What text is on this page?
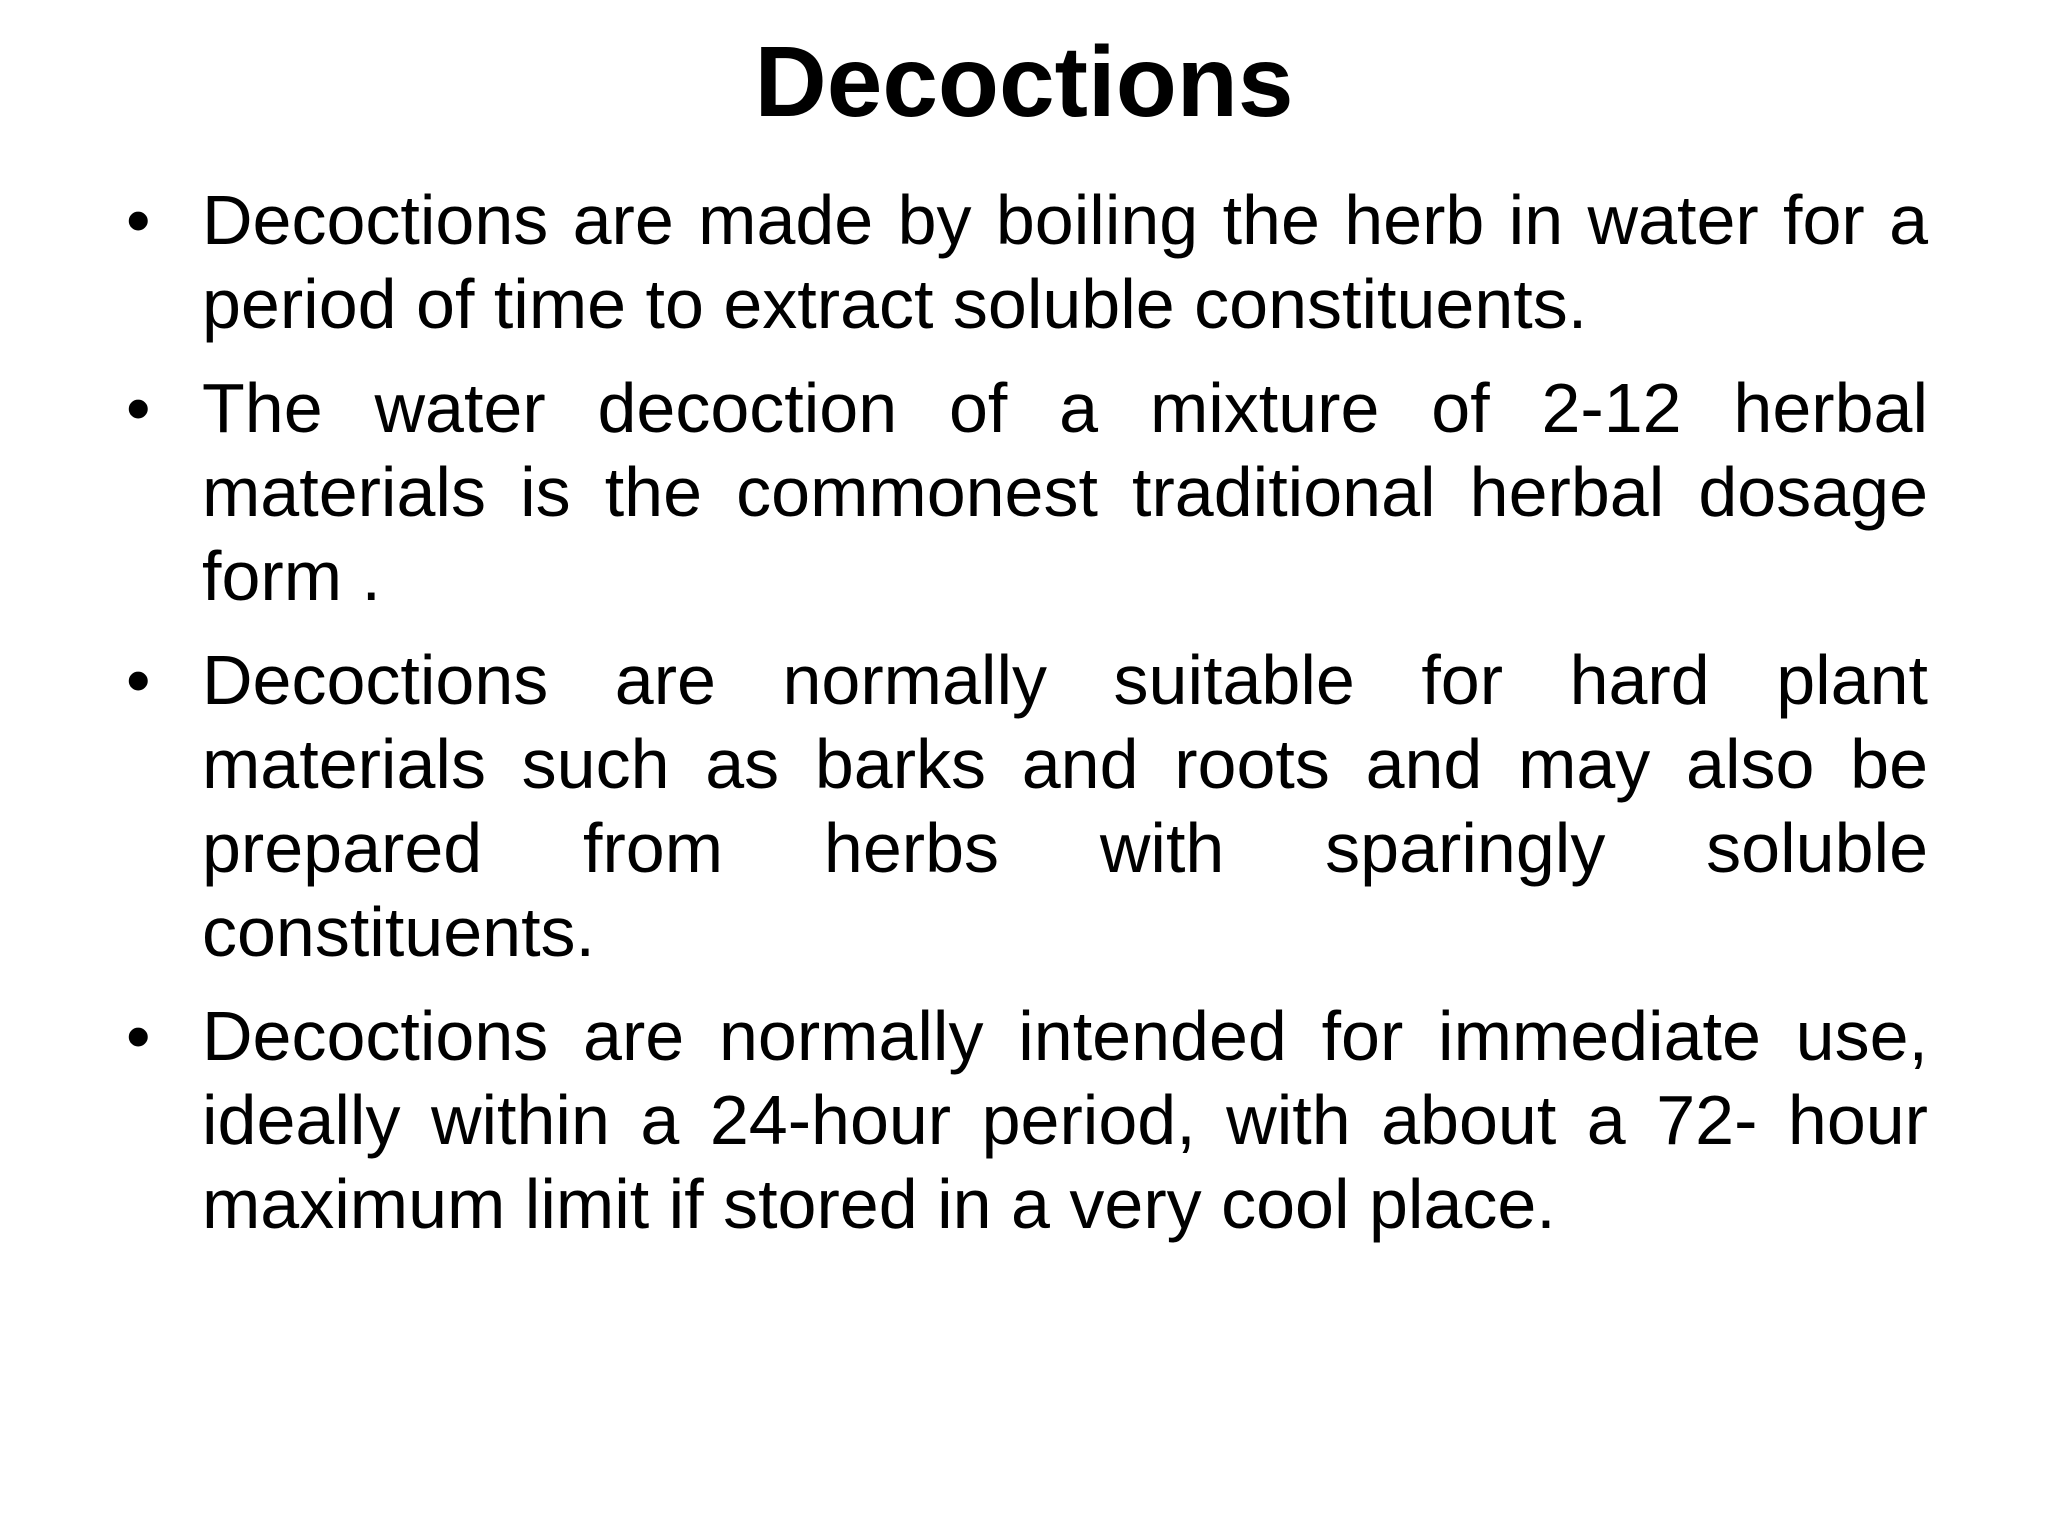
Decoctions
• Decoctions are made by boiling the herb in water for a period of time to extract soluble constituents.
• The water decoction of a mixture of 2-12 herbal materials is the commonest traditional herbal dosage form .
• Decoctions are normally suitable for hard plant materials such as barks and roots and may also be prepared from herbs with sparingly soluble constituents.
• Decoctions are normally intended for immediate use, ideally within a 24-hour period, with about a 72- hour maximum limit if stored in a very cool place.
